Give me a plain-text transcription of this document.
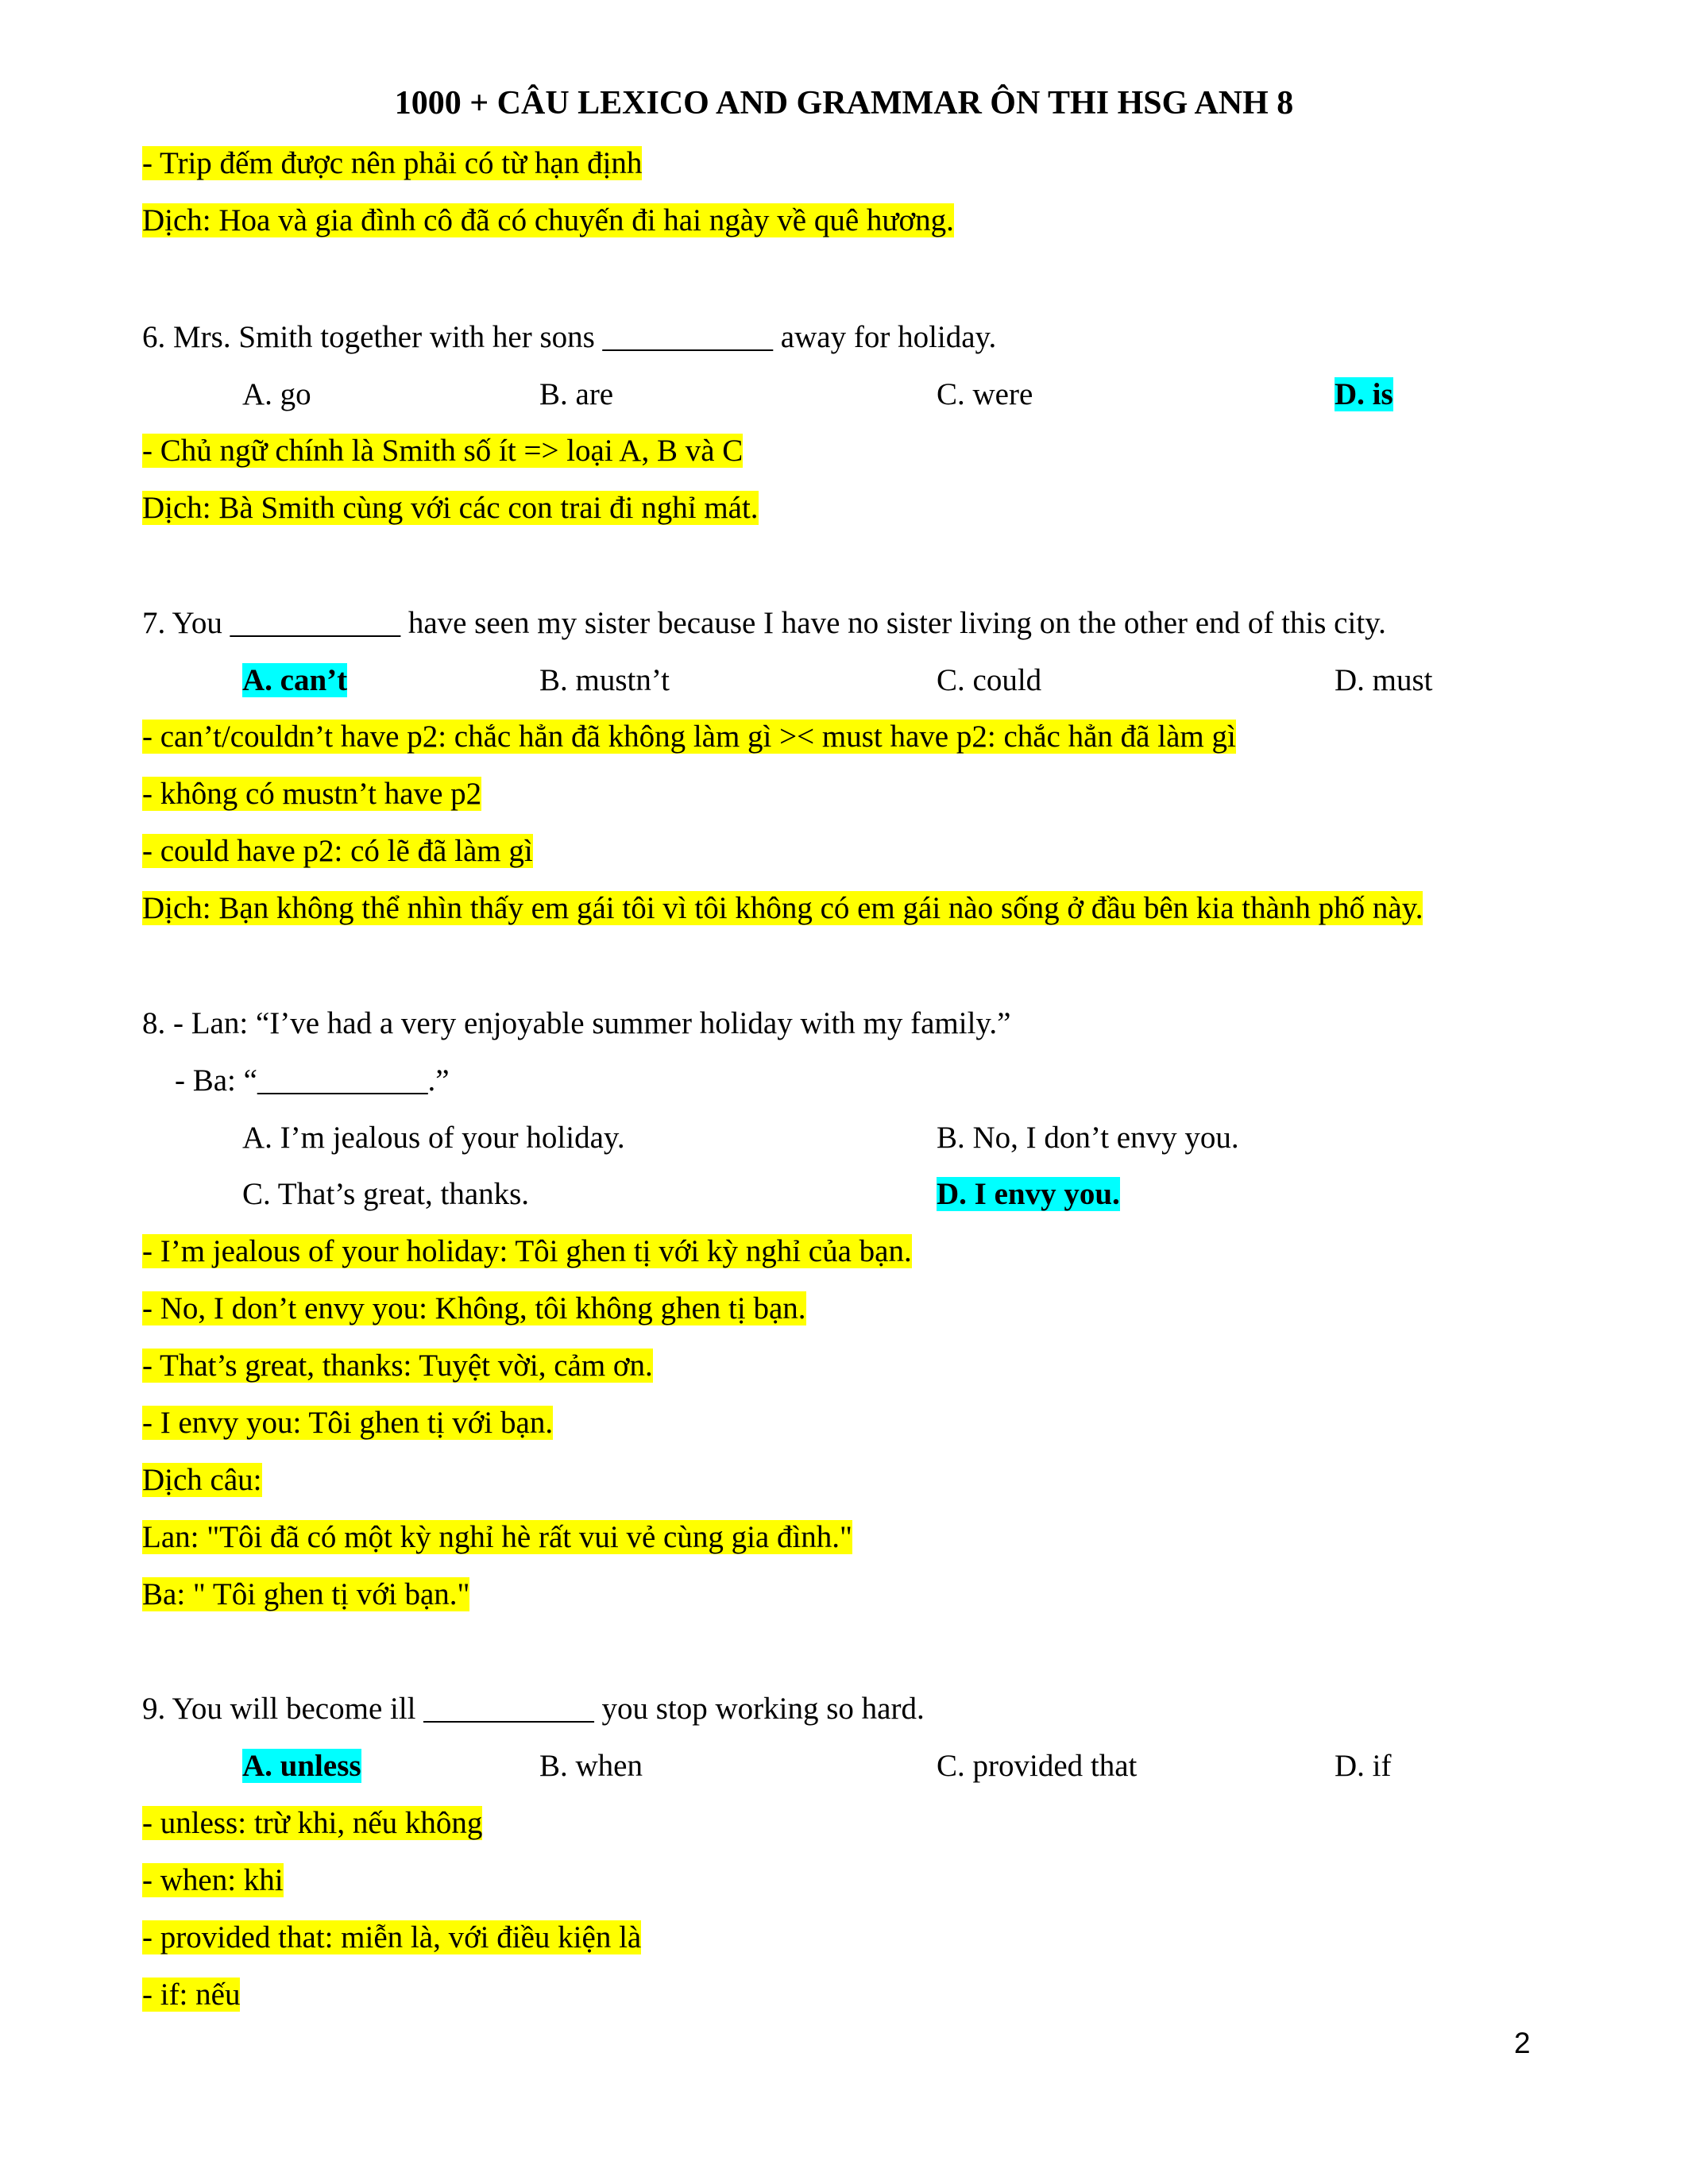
1000 + CÂU LEXICO AND GRAMMAR ÔN THI HSG ANH 8
- Trip đếm được nên phải có từ hạn định
Dịch: Hoa và gia đình cô đã có chuyến đi hai ngày về quê hương.
6. Mrs. Smith together with her sons ___________ away for holiday.
A. go	B. are	C. were	D. is
- Chủ ngữ chính là Smith số ít => loại A, B và C
Dịch: Bà Smith cùng với các con trai đi nghỉ mát.
7. You ___________ have seen my sister because I have no sister living on the other end of this city.
A. can’t	B. mustn’t	C. could	D. must
- can’t/couldn’t have p2: chắc hẳn đã không làm gì >< must have p2: chắc hẳn đã làm gì
- không có mustn’t have p2
- could have p2: có lẽ đã làm gì
Dịch: Bạn không thể nhìn thấy em gái tôi vì tôi không có em gái nào sống ở đầu bên kia thành phố này.
8. - Lan: “I’ve had a very enjoyable summer holiday with my family.”
- Ba: “___________.”
A. I’m jealous of your holiday.	B. No, I don’t envy you.
C. That’s great, thanks.	D. I envy you.
- I’m jealous of your holiday: Tôi ghen tị với kỳ nghỉ của bạn.
- No, I don’t envy you: Không, tôi không ghen tị bạn.
- That’s great, thanks: Tuyệt vời, cảm ơn.
- I envy you: Tôi ghen tị với bạn.
Dịch câu:
Lan: "Tôi đã có một kỳ nghỉ hè rất vui vẻ cùng gia đình."
Ba: " Tôi ghen tị với bạn."
9. You will become ill ___________ you stop working so hard.
A. unless	B. when	C. provided that	D. if
- unless: trừ khi, nếu không
- when: khi
- provided that: miễn là, với điều kiện là
- if: nếu
2
